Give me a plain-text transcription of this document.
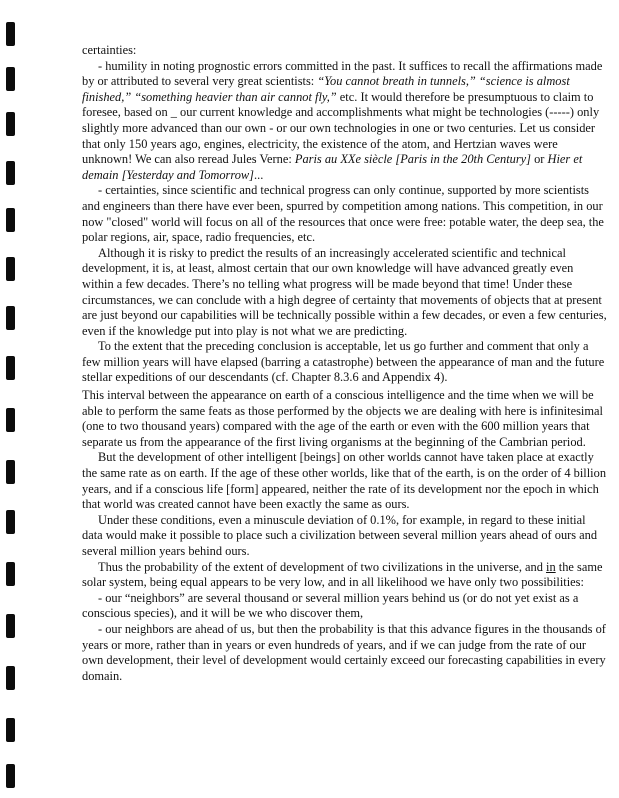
certainties:

- humility in noting prognostic errors committed in the past. It suffices to recall the affirmations made by or attributed to several very great scientists: “You cannot breath in tunnels,” “science is almost finished,” “something heavier than air cannot fly,” etc. It would therefore be presumptuous to claim to foresee, based on _ our current knowledge and accomplishments what might be technologies (-----) only slightly more advanced than our own - or our own technologies in one or two centuries. Let us consider that only 150 years ago, engines, electricity, the existence of the atom, and Hertzian waves were unknown! We can also reread Jules Verne: Paris au XXe siècle [Paris in the 20th Century] or Hier et demain [Yesterday and Tomorrow]...

- certainties, since scientific and technical progress can only continue, supported by more scientists and engineers than there have ever been, spurred by competition among nations. This competition, in our now "closed" world will focus on all of the resources that once were free: potable water, the deep sea, the polar regions, air, space, radio frequencies, etc.

Although it is risky to predict the results of an increasingly accelerated scientific and technical development, it is, at least, almost certain that our own knowledge will have advanced greatly even within a few decades. There’s no telling what progress will be made beyond that time! Under these circumstances, we can conclude with a high degree of certainty that movements of objects that at present are just beyond our capabilities will be technically possible within a few decades, or even a few centuries, even if the knowledge put into play is not what we are predicting.

To the extent that the preceding conclusion is acceptable, let us go further and comment that only a few million years will have elapsed (barring a catastrophe) between the appearance of man and the future stellar expeditions of our descendants (cf. Chapter 8.3.6 and Appendix 4).

This interval between the appearance on earth of a conscious intelligence and the time when we will be able to perform the same feats as those performed by the objects we are dealing with here is infinitesimal (one to two thousand years) compared with the age of the earth or even with the 600 million years that separate us from the appearance of the first living organisms at the beginning of the Cambrian period.

But the development of other intelligent [beings] on other worlds cannot have taken place at exactly the same rate as on earth. If the age of these other worlds, like that of the earth, is on the order of 4 billion years, and if a conscious life [form] appeared, neither the rate of its development nor the epoch in which that world was created cannot have been exactly the same as ours.

Under these conditions, even a minuscule deviation of 0.1%, for example, in regard to these initial data would make it possible to place such a civilization between several million years ahead of ours and several million years behind ours.

Thus the probability of the extent of development of two civilizations in the universe, and in the same solar system, being equal appears to be very low, and in all likelihood we have only two possibilities:

- our “neighbors” are several thousand or several million years behind us (or do not yet exist as a conscious species), and it will be we who discover them,

- our neighbors are ahead of us, but then the probability is that this advance figures in the thousands of years or more, rather than in years or even hundreds of years, and if we can judge from the rate of our own development, their level of development would certainly exceed our forecasting capabilities in every domain.
